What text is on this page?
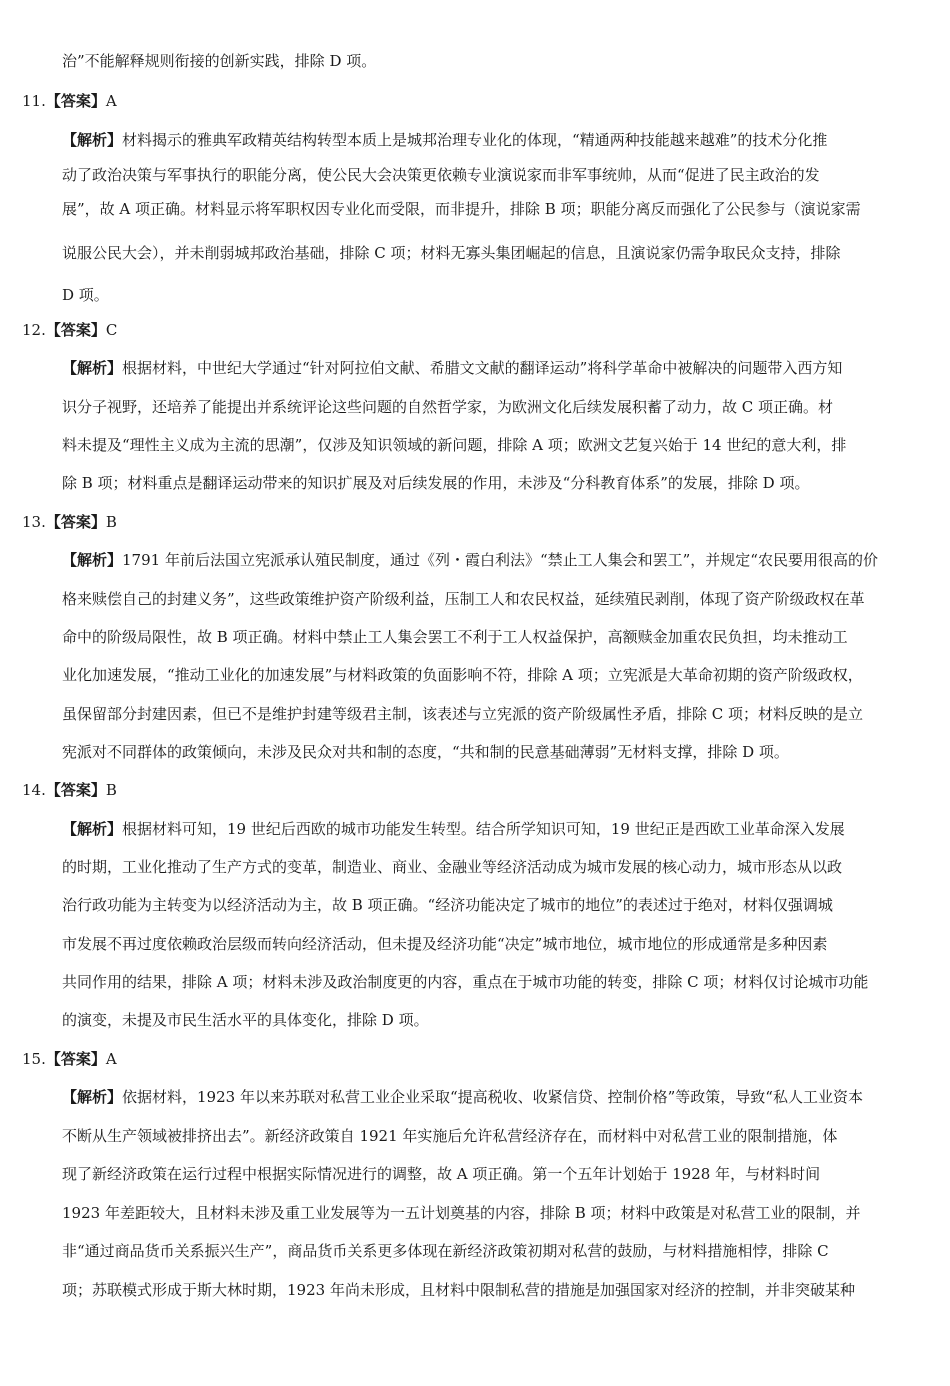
治”不能解释规则衔接的创新实践，排除 D 项。
11.【答案】A
【解析】材料揭示的雅典军政精英结构转型本质上是城邦治理专业化的体现，“精通两种技能越来越难”的技术分化推
动了政治决策与军事执行的职能分离，使公民大会决策更依赖专业演说家而非军事统帅，从而“促进了民主政治的发
展”，故 A 项正确。材料显示将军职权因专业化而受限，而非提升，排除 B 项；职能分离反而强化了公民参与（演说家需
说服公民大会），并未削弱城邦政治基础，排除 C 项；材料无寡头集团崛起的信息，且演说家仍需争取民众支持，排除
D 项。
12.【答案】C
【解析】根据材料，中世纪大学通过“针对阿拉伯文献、希腊文文献的翻译运动”将科学革命中被解决的问题带入西方知
识分子视野，还培养了能提出并系统评论这些问题的自然哲学家，为欧洲文化后续发展积蓄了动力，故 C 项正确。材
料未提及“理性主义成为主流的思潮”，仅涉及知识领域的新问题，排除 A 项；欧洲文艺复兴始于 14 世纪的意大利，排
除 B 项；材料重点是翻译运动带来的知识扩展及对后续发展的作用，未涉及“分科教育体系”的发展，排除 D 项。
13.【答案】B
【解析】1791 年前后法国立宪派承认殖民制度，通过《列・霞白利法》“禁止工人集会和罢工”，并规定“农民要用很高的价
格来赎偿自己的封建义务”，这些政策维护资产阶级利益，压制工人和农民权益，延续殖民剥削，体现了资产阶级政权在革
命中的阶级局限性，故 B 项正确。材料中禁止工人集会罢工不利于工人权益保护，高额赎金加重农民负担，均未推动工
业化加速发展，“推动工业化的加速发展”与材料政策的负面影响不符，排除 A 项；立宪派是大革命初期的资产阶级政权，
虽保留部分封建因素，但已不是维护封建等级君主制，该表述与立宪派的资产阶级属性矛盾，排除 C 项；材料反映的是立
宪派对不同群体的政策倾向，未涉及民众对共和制的态度，“共和制的民意基础薄弱”无材料支撑，排除 D 项。
14.【答案】B
【解析】根据材料可知，19 世纪后西欧的城市功能发生转型。结合所学知识可知，19 世纪正是西欧工业革命深入发展
的时期，工业化推动了生产方式的变革，制造业、商业、金融业等经济活动成为城市发展的核心动力，城市形态从以政
治行政功能为主转变为以经济活动为主，故 B 项正确。“经济功能决定了城市的地位”的表述过于绝对，材料仅强调城
市发展不再过度依赖政治层级而转向经济活动，但未提及经济功能“决定”城市地位，城市地位的形成通常是多种因素
共同作用的结果，排除 A 项；材料未涉及政治制度更的内容，重点在于城市功能的转变，排除 C 项；材料仅讨论城市功能
的演变，未提及市民生活水平的具体变化，排除 D 项。
15.【答案】A
【解析】依据材料，1923 年以来苏联对私营工业企业采取“提高税收、收紧信贷、控制价格”等政策，导致“私人工业资本
不断从生产领域被排挤出去”。新经济政策自 1921 年实施后允许私营经济存在，而材料中对私营工业的限制措施，体
现了新经济政策在运行过程中根据实际情况进行的调整，故 A 项正确。第一个五年计划始于 1928 年，与材料时间
1923 年差距较大，且材料未涉及重工业发展等为一五计划奠基的内容，排除 B 项；材料中政策是对私营工业的限制，并
非“通过商品货币关系振兴生产”，商品货币关系更多体现在新经济政策初期对私营的鼓励，与材料措施相悖，排除 C
项；苏联模式形成于斯大林时期，1923 年尚未形成，且材料中限制私营的措施是加强国家对经济的控制，并非突破某种
